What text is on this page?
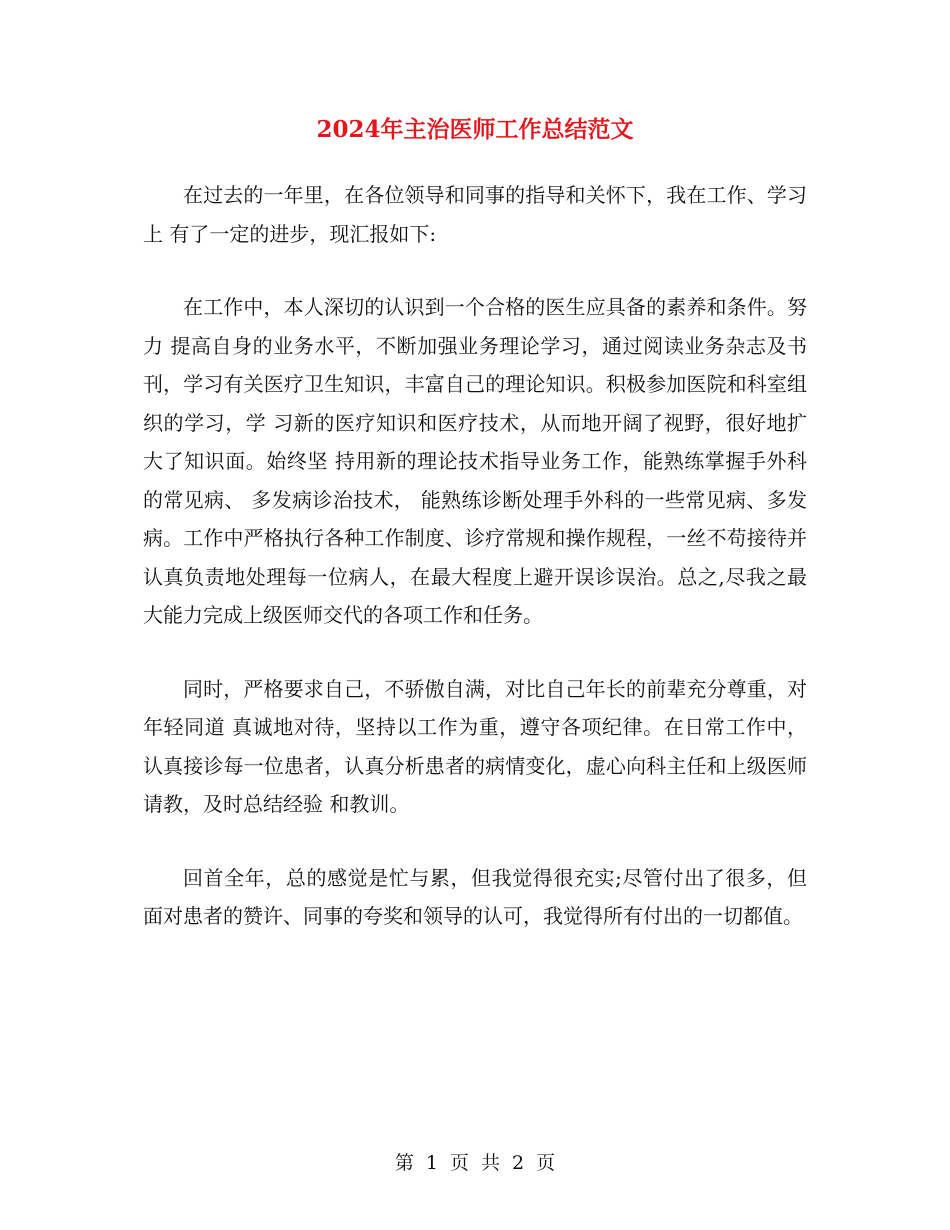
2024年主治医师工作总结范文

在过去的一年里，在各位领导和同事的指导和关怀下，我在工作、学习上 有了一定的进步，现汇报如下:

在工作中，本人深切的认识到一个合格的医生应具备的素养和条件。努力 提高自身的业务水平，不断加强业务理论学习，通过阅读业务杂志及书刊，学习有关医疗卫生知识，丰富自己的理论知识。积极参加医院和科室组织的学习，学 习新的医疗知识和医疗技术，从而地开阔了视野，很好地扩大了知识面。始终坚 持用新的理论技术指导业务工作，能熟练掌握手外科的常见病、 多发病诊治技术， 能熟练诊断处理手外科的一些常见病、多发病。工作中严格执行各种工作制度、诊疗常规和操作规程，一丝不苟接待并认真负责地处理每一位病人，在最大程度上避开误诊误治。总之,尽我之最大能力完成上级医师交代的各项工作和任务。

同时，严格要求自己，不骄傲自满，对比自己年长的前辈充分尊重，对年轻同道 真诚地对待，坚持以工作为重，遵守各项纪律。在日常工作中，认真接诊每一位患者，认真分析患者的病情变化，虚心向科主任和上级医师请教，及时总结经验 和教训。

回首全年，总的感觉是忙与累，但我觉得很充实;尽管付出了很多，但面对患者的赞许、同事的夸奖和领导的认可，我觉得所有付出的一切都值。

第 1 页 共 2 页
